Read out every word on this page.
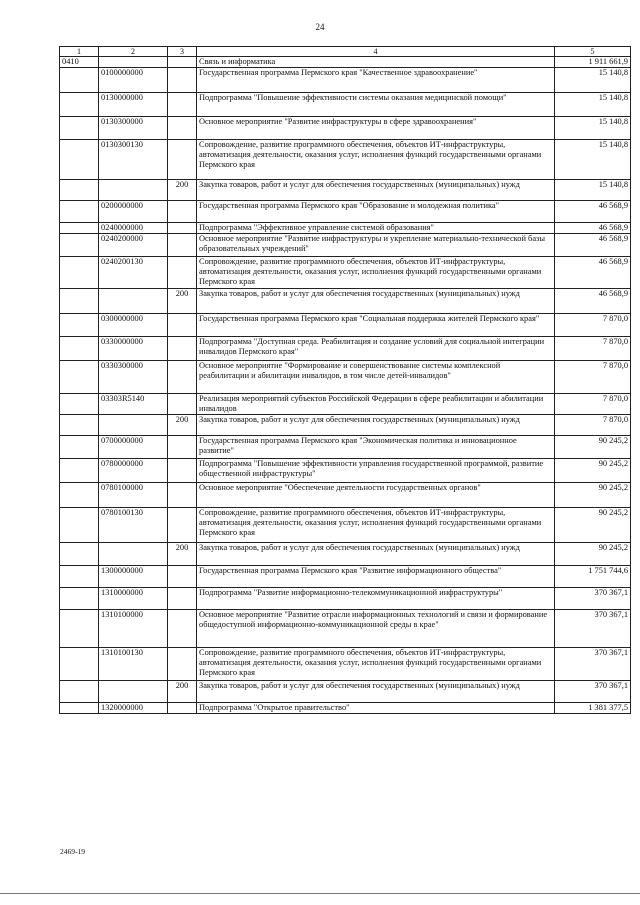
24
1	2	3	4	5
0410			Связь и информатика	1 911 661,9
	0100000000		Государственная программа Пермского края "Качественное здравоохранение"	15 140,8
	0130000000		Подпрограмма "Повышение эффективности системы оказания медицинской помощи"	15 140,8
	0130300000		Основное мероприятие "Развитие инфраструктуры в сфере здравоохранения"	15 140,8
	0130300130		Сопровождение, развитие программного обеспечения, объектов ИТ-инфраструктуры, автоматизация деятельности, оказания услуг, исполнения функций государственными органами Пермского края	15 140,8
		200	Закупка товаров, работ и услуг для обеспечения государственных (муниципальных) нужд	15 140,8
	0200000000		Государственная программа Пермского края "Образование и молодежная политика"	46 568,9
	0240000000		Подпрограмма "Эффективное управление системой образования"	46 568,9
	0240200000		Основное мероприятие "Развитие инфраструктуры и укрепление материально-технической базы образовательных учреждений"	46 568,9
	0240200130		Сопровождение, развитие программного обеспечения, объектов ИТ-инфраструктуры, автоматизация деятельности, оказания услуг, исполнения функций государственными органами Пермского края	46 568,9
		200	Закупка товаров, работ и услуг для обеспечения государственных (муниципальных) нужд	46 568,9
	0300000000		Государственная программа Пермского края "Социальная поддержка жителей Пермского края"	7 870,0
	0330000000		Подпрограмма "Доступная среда. Реабилитация и создание условий для социальной интеграции инвалидов Пермского края"	7 870,0
	0330300000		Основное мероприятие "Формирование и совершенствование системы комплексной реабилитации и абилитации инвалидов, в том числе детей-инвалидов"	7 870,0
	03303R5140		Реализация мероприятий субъектов Российской Федерации в сфере реабилитации и абилитации инвалидов	7 870,0
		200	Закупка товаров, работ и услуг для обеспечения государственных (муниципальных) нужд	7 870,0
	0700000000		Государственная программа Пермского края "Экономическая политика и инновационное развитие"	90 245,2
	0780000000		Подпрограмма "Повышение эффективности управления государственной программой, развитие общественной инфраструктуры"	90 245,2
	0780100000		Основное мероприятие "Обеспечение деятельности государственных органов"	90 245,2
	0780100130		Сопровождение, развитие программного обеспечения, объектов ИТ-инфраструктуры, автоматизация деятельности, оказания услуг, исполнения функций государственными органами Пермского края	90 245,2
		200	Закупка товаров, работ и услуг для обеспечения государственных (муниципальных) нужд	90 245,2
	1300000000		Государственная программа Пермского края "Развитие информационного общества"	1 751 744,6
	1310000000		Подпрограмма "Развитие информационно-телекоммуникационной инфраструктуры"	370 367,1
	1310100000		Основное мероприятие "Развитие отрасли информационных технологий и связи и формирование общедоступной информационно-коммуникационной среды в крае"	370 367,1
	1310100130		Сопровождение, развитие программного обеспечения, объектов ИТ-инфраструктуры, автоматизация деятельности, оказания услуг, исполнения функций государственными органами Пермского края	370 367,1
		200	Закупка товаров, работ и услуг для обеспечения государственных (муниципальных) нужд	370 367,1
	1320000000		Подпрограмма "Открытое правительство"	1 381 377,5
2469-19
